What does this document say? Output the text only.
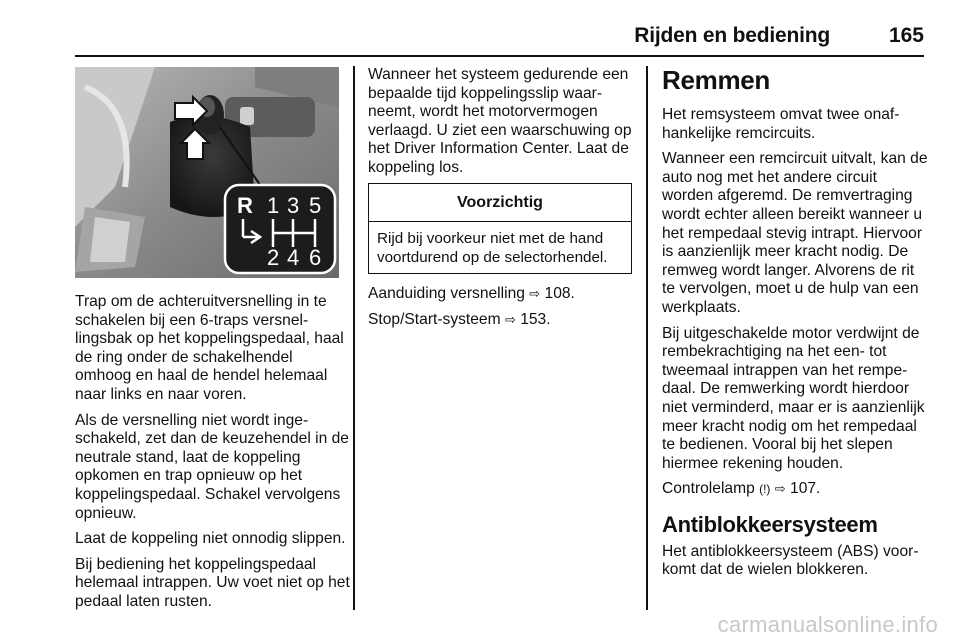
Rijden en bediening	165
R 1 3 5
2 4 6

Trap om de achteruitversnelling in te schakelen bij een 6-traps versnellingsbak op het koppelingspedaal, haal de ring onder de schakelhendel omhoog en haal de hendel helemaal naar links en naar voren.

Als de versnelling niet wordt ingeschakeld, zet dan de keuzehendel in de neutrale stand, laat de koppeling opkomen en trap opnieuw op het koppelingspedaal. Schakel vervolgens opnieuw.

Laat de koppeling niet onnodig slippen.

Bij bediening het koppelingspedaal helemaal intrappen. Uw voet niet op het pedaal laten rusten.

Wanneer het systeem gedurende een bepaalde tijd koppelingsslip waarneemt, wordt het motorvermogen verlaagd. U ziet een waarschuwing op het Driver Information Center. Laat de koppeling los.

Voorzichtig
Rijd bij voorkeur niet met de hand voortdurend op de selectorhendel.

Aanduiding versnelling ⇨ 108.

Stop/Start-systeem ⇨ 153.

Remmen

Het remsysteem omvat twee onafhankelijke remcircuits.

Wanneer een remcircuit uitvalt, kan de auto nog met het andere circuit worden afgeremd. De remvertraging wordt echter alleen bereikt wanneer u het rempedaal stevig intrapt. Hiervoor is aanzienlijk meer kracht nodig. De remweg wordt langer. Alvorens de rit te vervolgen, moet u de hulp van een werkplaats.

Bij uitgeschakelde motor verdwijnt de rembekrachtiging na het een- tot tweemaal intrappen van het rempedaal. De remwerking wordt hierdoor niet verminderd, maar er is aanzienlijk meer kracht nodig om het rempedaal te bedienen. Vooral bij het slepen hiermee rekening houden.

Controlelamp (!) ⇨ 107.

Antiblokkeersysteem

Het antiblokkeersysteem (ABS) voorkomt dat de wielen blokkeren.

carmanualsonline.info
